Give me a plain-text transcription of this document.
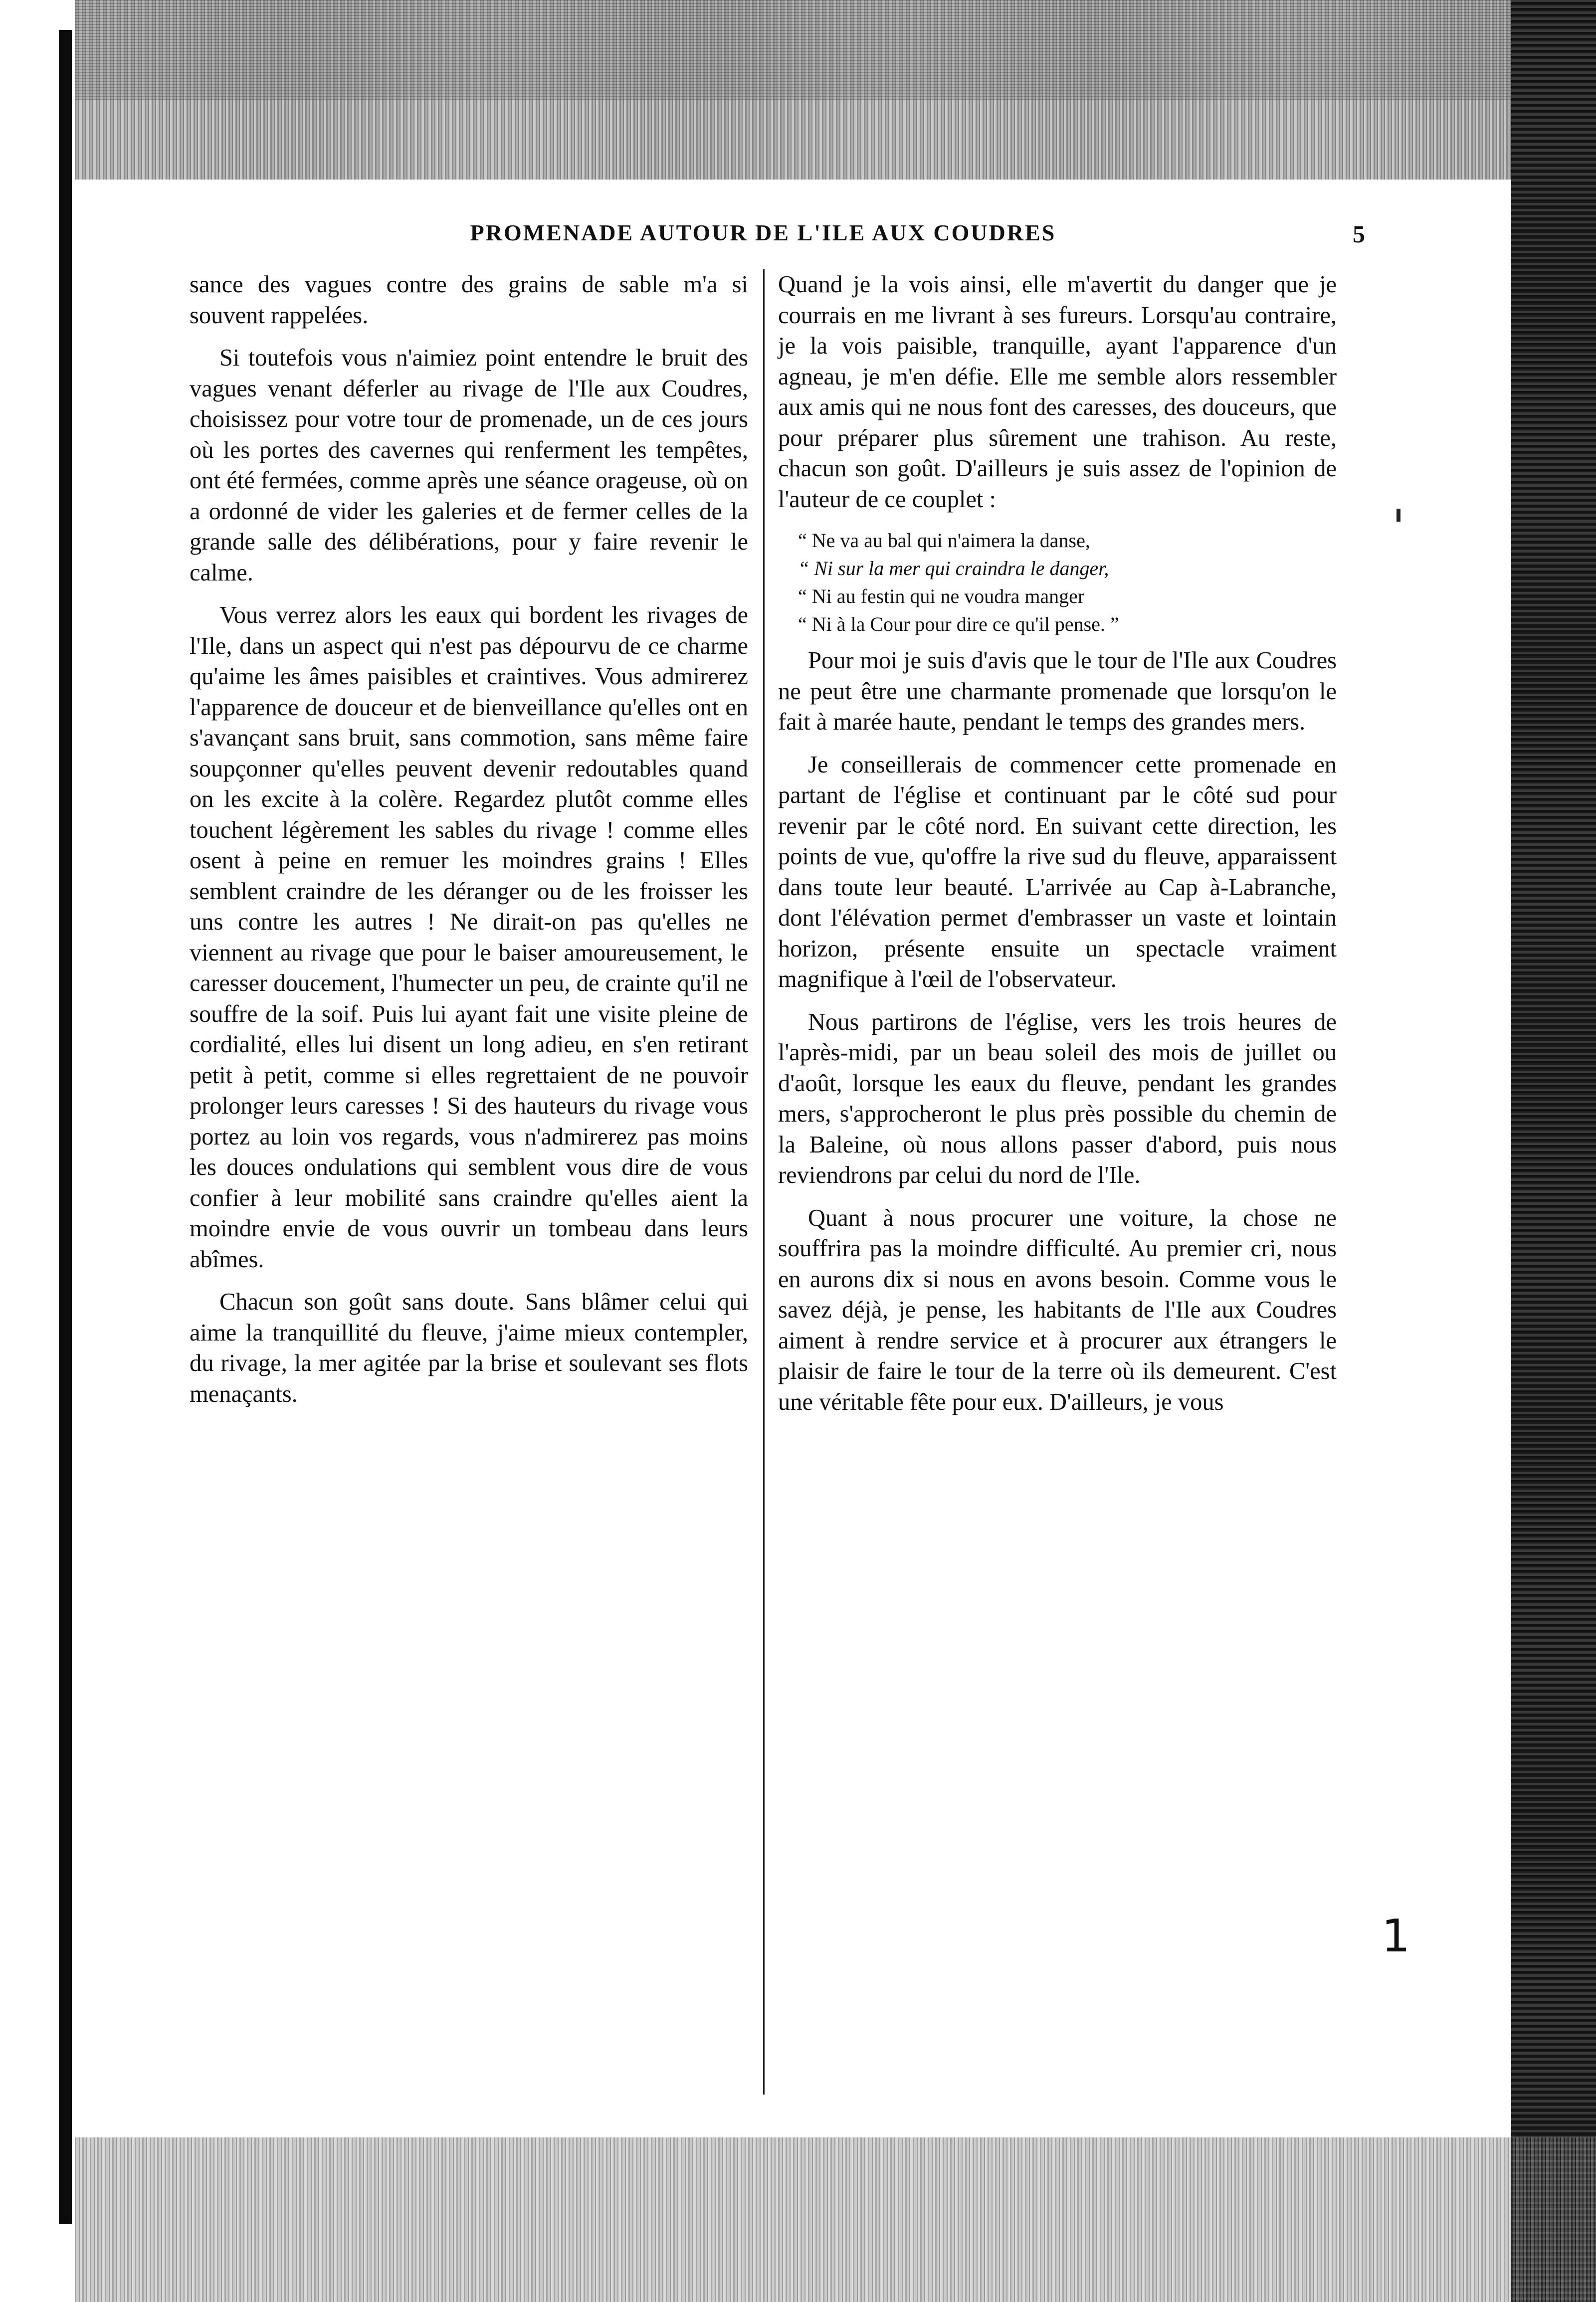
PROMENADE AUTOUR DE L'ILE AUX COUDRES	5

sance des vagues contre des grains de sable m'a si souvent rappelées.

Si toutefois vous n'aimiez point entendre le bruit des vagues venant déferler au rivage de l'Ile aux Coudres, choisissez pour votre tour de promenade, un de ces jours où les portes des cavernes qui renferment les tempêtes, ont été fermées, comme après une séance orageuse, où on a ordonné de vider les galeries et de fermer celles de la grande salle des délibérations, pour y faire revenir le calme.

Vous verrez alors les eaux qui bordent les rivages de l'Ile, dans un aspect qui n'est pas dépourvu de ce charme qu'aime les âmes paisibles et craintives. Vous admirerez l'apparence de douceur et de bienveillance qu'elles ont en s'avançant sans bruit, sans commotion, sans même faire soupçonner qu'elles peuvent devenir redoutables quand on les excite à la colère. Regardez plutôt comme elles touchent légèrement les sables du rivage ! comme elles osent à peine en remuer les moindres grains ! Elles semblent craindre de les déranger ou de les froisser les uns contre les autres ! Ne dirait-on pas qu'elles ne viennent au rivage que pour le baiser amoureusement, le caresser doucement, l'humecter un peu, de crainte qu'il ne souffre de la soif. Puis lui ayant fait une visite pleine de cordialité, elles lui disent un long adieu, en s'en retirant petit à petit, comme si elles regrettaient de ne pouvoir prolonger leurs caresses ! Si des hauteurs du rivage vous portez au loin vos regards, vous n'admirerez pas moins les douces ondulations qui semblent vous dire de vous confier à leur mobilité sans craindre qu'elles aient la moindre envie de vous ouvrir un tombeau dans leurs abîmes.

Chacun son goût sans doute. Sans blâmer celui qui aime la tranquillité du fleuve, j'aime mieux contempler, du rivage, la mer agitée par la brise et soulevant ses flots menaçants.

Quand je la vois ainsi, elle m'avertit du danger que je courrais en me livrant à ses fureurs. Lorsqu'au contraire, je la vois paisible, tranquille, ayant l'apparence d'un agneau, je m'en défie. Elle me semble alors ressembler aux amis qui ne nous font des caresses, des douceurs, que pour préparer plus sûrement une trahison. Au reste, chacun son goût. D'ailleurs je suis assez de l'opinion de l'auteur de ce couplet :

“ Ne va au bal qui n'aimera la danse,
“ Ni sur la mer qui craindra le danger,
“ Ni au festin qui ne voudra manger
“ Ni à la Cour pour dire ce qu'il pense. ”

Pour moi je suis d'avis que le tour de l'Ile aux Coudres ne peut être une charmante promenade que lorsqu'on le fait à marée haute, pendant le temps des grandes mers.

Je conseillerais de commencer cette promenade en partant de l'église et continuant par le côté sud pour revenir par le côté nord. En suivant cette direction, les points de vue, qu'offre la rive sud du fleuve, apparaissent dans toute leur beauté. L'arrivée au Cap à-Labranche, dont l'élévation permet d'embrasser un vaste et lointain horizon, présente ensuite un spectacle vraiment magnifique à l'œil de l'observateur.

Nous partirons de l'église, vers les trois heures de l'après-midi, par un beau soleil des mois de juillet ou d'août, lorsque les eaux du fleuve, pendant les grandes mers, s'approcheront le plus près possible du chemin de la Baleine, où nous allons passer d'abord, puis nous reviendrons par celui du nord de l'Ile.

Quant à nous procurer une voiture, la chose ne souffrira pas la moindre difficulté. Au premier cri, nous en aurons dix si nous en avons besoin. Comme vous le savez déjà, je pense, les habitants de l'Ile aux Coudres aiment à rendre service et à procurer aux étrangers le plaisir de faire le tour de la terre où ils demeurent. C'est une véritable fête pour eux. D'ailleurs, je vous

1
